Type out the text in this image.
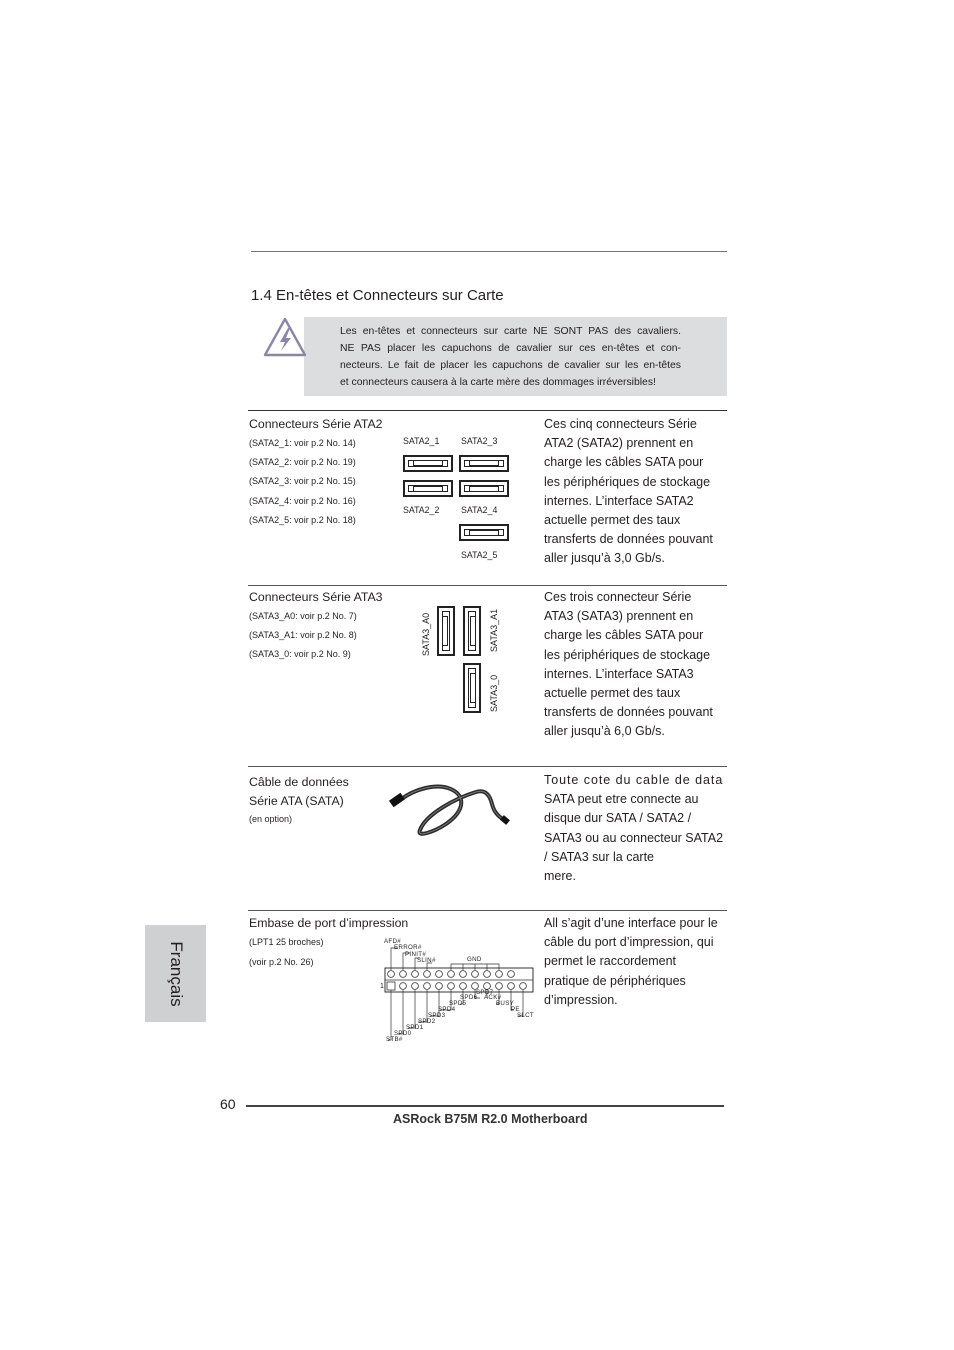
1.4 En-têtes et Connecteurs sur Carte
Les en-têtes et connecteurs sur carte NE SONT PAS des cavaliers.
NE PAS placer les capuchons de cavalier sur ces en-têtes et con-
necteurs. Le fait de placer les capuchons de cavalier sur les en-têtes
et connecteurs causera à la carte mère des dommages irréversibles!
Connecteurs Série ATA2
(SATA2_1: voir p.2 No. 14)
(SATA2_2: voir p.2 No. 19)
(SATA2_3: voir p.2 No. 15)
(SATA2_4: voir p.2 No. 16)
(SATA2_5: voir p.2 No. 18)
SATA2_1 SATA2_3
SATA2_2 SATA2_4
SATA2_5
Ces cinq connecteurs Série
ATA2 (SATA2) prennent en
charge les câbles SATA pour
les périphériques de stockage
internes. L’interface SATA2
actuelle permet des taux
transferts de données pouvant
aller jusqu’à 3,0 Gb/s.
Connecteurs Série ATA3
(SATA3_A0: voir p.2 No. 7)
(SATA3_A1: voir p.2 No. 8)
(SATA3_0: voir p.2 No. 9)	SATA3_A0	SATA3_A1
SATA3_0
Ces trois connecteur Série
ATA3 (SATA3) prennent en
charge les câbles SATA pour
les périphériques de stockage
internes. L’interface SATA3
actuelle permet des taux
transferts de données pouvant
aller jusqu’à 6,0 Gb/s.
Câble de données
Série ATA (SATA)
(en option)
Toute cote du cable de data
SATA peut etre connecte au
disque dur SATA / SATA2 /
SATA3 ou au connecteur SATA2
/ SATA3 sur la carte
mere.
Embase de port d’impression
(LPT1 25 broches)
(voir p.2 No. 26)
AFD#
ERROR#
PINIT#
SLIN#	GND
1
STB#
SPD0
SPD1
SPD2
SPD3
SPD4
SPD5
SPD6
SPD7
ACK#
BUSY
PE
SLCT
All s’agit d’une interface pour le
câble du port d’impression, qui
permet le raccordement
pratique de périphériques
d’impression.
Français
60
ASRock B75M R2.0 Motherboard
